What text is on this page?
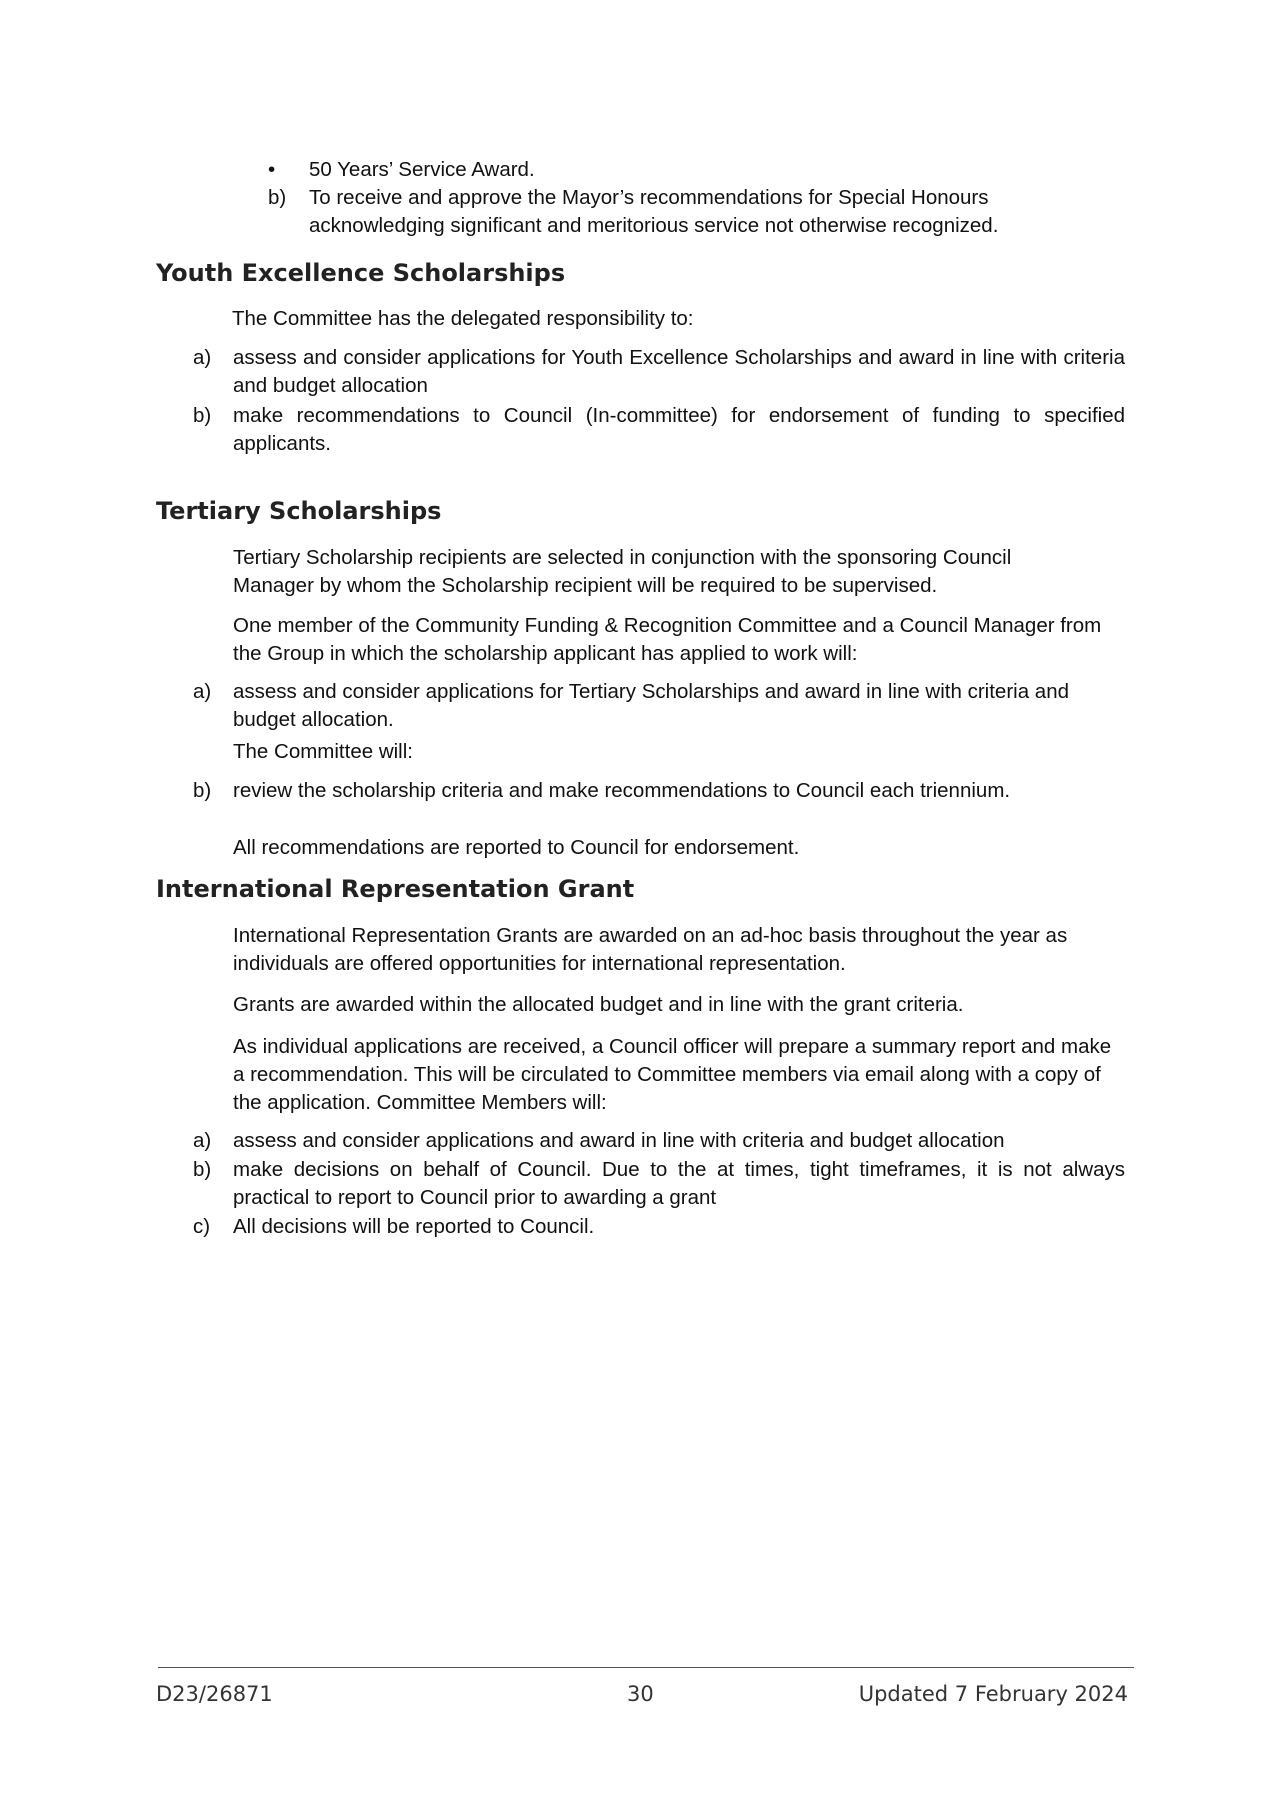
• 50 Years’ Service Award.
b) To receive and approve the Mayor’s recommendations for Special Honours acknowledging significant and meritorious service not otherwise recognized.
Youth Excellence Scholarships
The Committee has the delegated responsibility to:
a) assess and consider applications for Youth Excellence Scholarships and award in line with criteria and budget allocation
b) make recommendations to Council (In-committee) for endorsement of funding to specified applicants.
Tertiary Scholarships
Tertiary Scholarship recipients are selected in conjunction with the sponsoring Council Manager by whom the Scholarship recipient will be required to be supervised.
One member of the Community Funding & Recognition Committee and a Council Manager from the Group in which the scholarship applicant has applied to work will:
a) assess and consider applications for Tertiary Scholarships and award in line with criteria and budget allocation.
The Committee will:
b) review the scholarship criteria and make recommendations to Council each triennium.
All recommendations are reported to Council for endorsement.
International Representation Grant
International Representation Grants are awarded on an ad-hoc basis throughout the year as individuals are offered opportunities for international representation.
Grants are awarded within the allocated budget and in line with the grant criteria.
As individual applications are received, a Council officer will prepare a summary report and make a recommendation. This will be circulated to Committee members via email along with a copy of the application. Committee Members will:
a) assess and consider applications and award in line with criteria and budget allocation
b) make decisions on behalf of Council. Due to the at times, tight timeframes, it is not always practical to report to Council prior to awarding a grant
c) All decisions will be reported to Council.
D23/26871	30	Updated 7 February 2024
